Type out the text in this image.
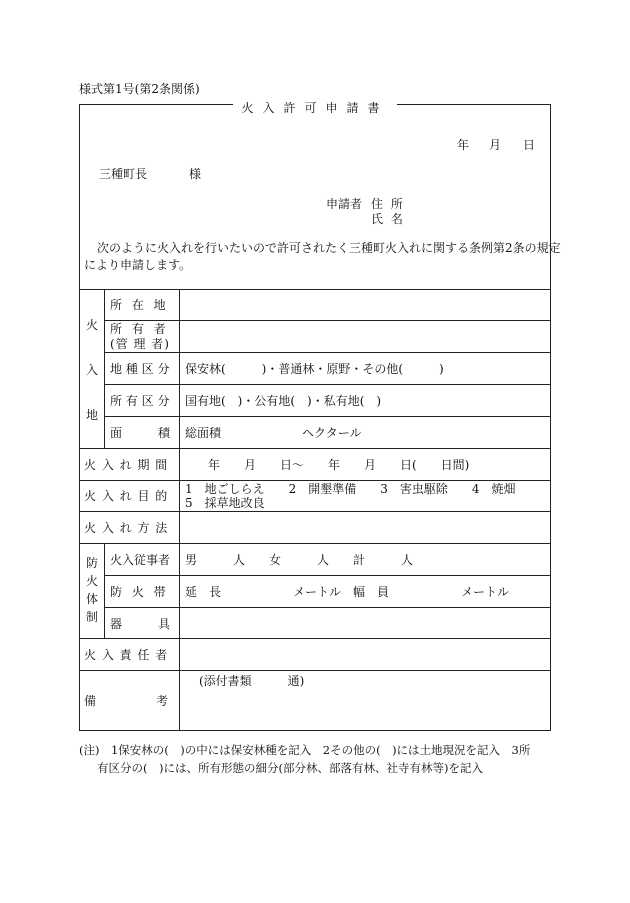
様式第1号(第2条関係)
火入許可申請書
年 月 日
三種町長	様
申請者 住 所
氏 名
次のように火入れを行いたいので許可されたく三種町火入れに関する条例第2条の規定
により申請します。
火
入
地
所 在 地
所 有 者
(管 理 者)
地 種 区 分 保安林(　　　)・普通林・原野・その他(　　　)
所 有 区 分 国有地(　)・公有地(　)・私有地(　)
面　　　積 総面積	ヘクタール
火 入 れ 期 間	年　　月　　日～　　年　　月　　日(　　日間)
火 入 れ 目 的 1　地ごしらえ　　2　開墾準備　　3　害虫駆除　　4　焼畑
5　採草地改良
火 入 れ 方 法
防
火
体
制
火入従事者 男　　　人　　女　　　人　　計　　　人
防 火 帯 延　長　　　　　　メートル　幅　員　　　　　　メートル
器　　　具
火 入 責 任 者
備　　　　　考
(添付書類　　　通)
(注)　1保安林の(　)の中には保安林種を記入　2その他の(　)には土地現況を記入　3所
有区分の(　)には、所有形態の細分(部分林、部落有林、社寺有林等)を記入
